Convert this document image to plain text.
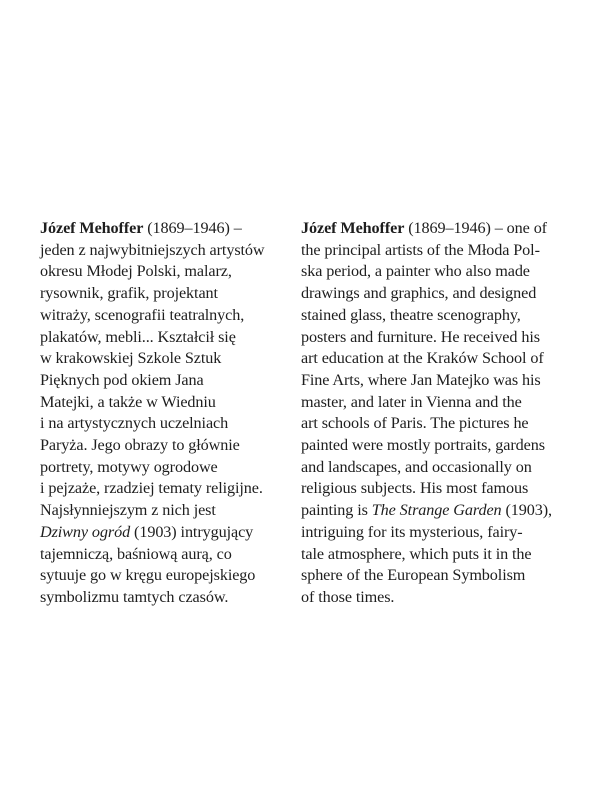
Józef Mehoffer (1869–1946) –
jeden z najwybitniejszych artystów
okresu Młodej Polski, malarz,
rysownik, grafik, projektant
witraży, scenografii teatralnych,
plakatów, mebli... Kształcił się
w krakowskiej Szkole Sztuk
Pięknych pod okiem Jana
Matejki, a także w Wiedniu
i na artystycznych uczelniach
Paryża. Jego obrazy to głównie
portrety, motywy ogrodowe
i pejzaże, rzadziej tematy religijne.
Najsłynniejszym z nich jest
Dziwny ogród (1903) intrygujący
tajemniczą, baśniową aurą, co
sytuuje go w kręgu europejskiego
symbolizmu tamtych czasów.
Józef Mehoffer (1869–1946) – one of
the principal artists of the Młoda Pol-
ska period, a painter who also made
drawings and graphics, and designed
stained glass, theatre scenography,
posters and furniture. He received his
art education at the Kraków School of
Fine Arts, where Jan Matejko was his
master, and later in Vienna and the
art schools of Paris. The pictures he
painted were mostly portraits, gardens
and landscapes, and occasionally on
religious subjects. His most famous
painting is The Strange Garden (1903),
intriguing for its mysterious, fairy-
tale atmosphere, which puts it in the
sphere of the European Symbolism
of those times.
